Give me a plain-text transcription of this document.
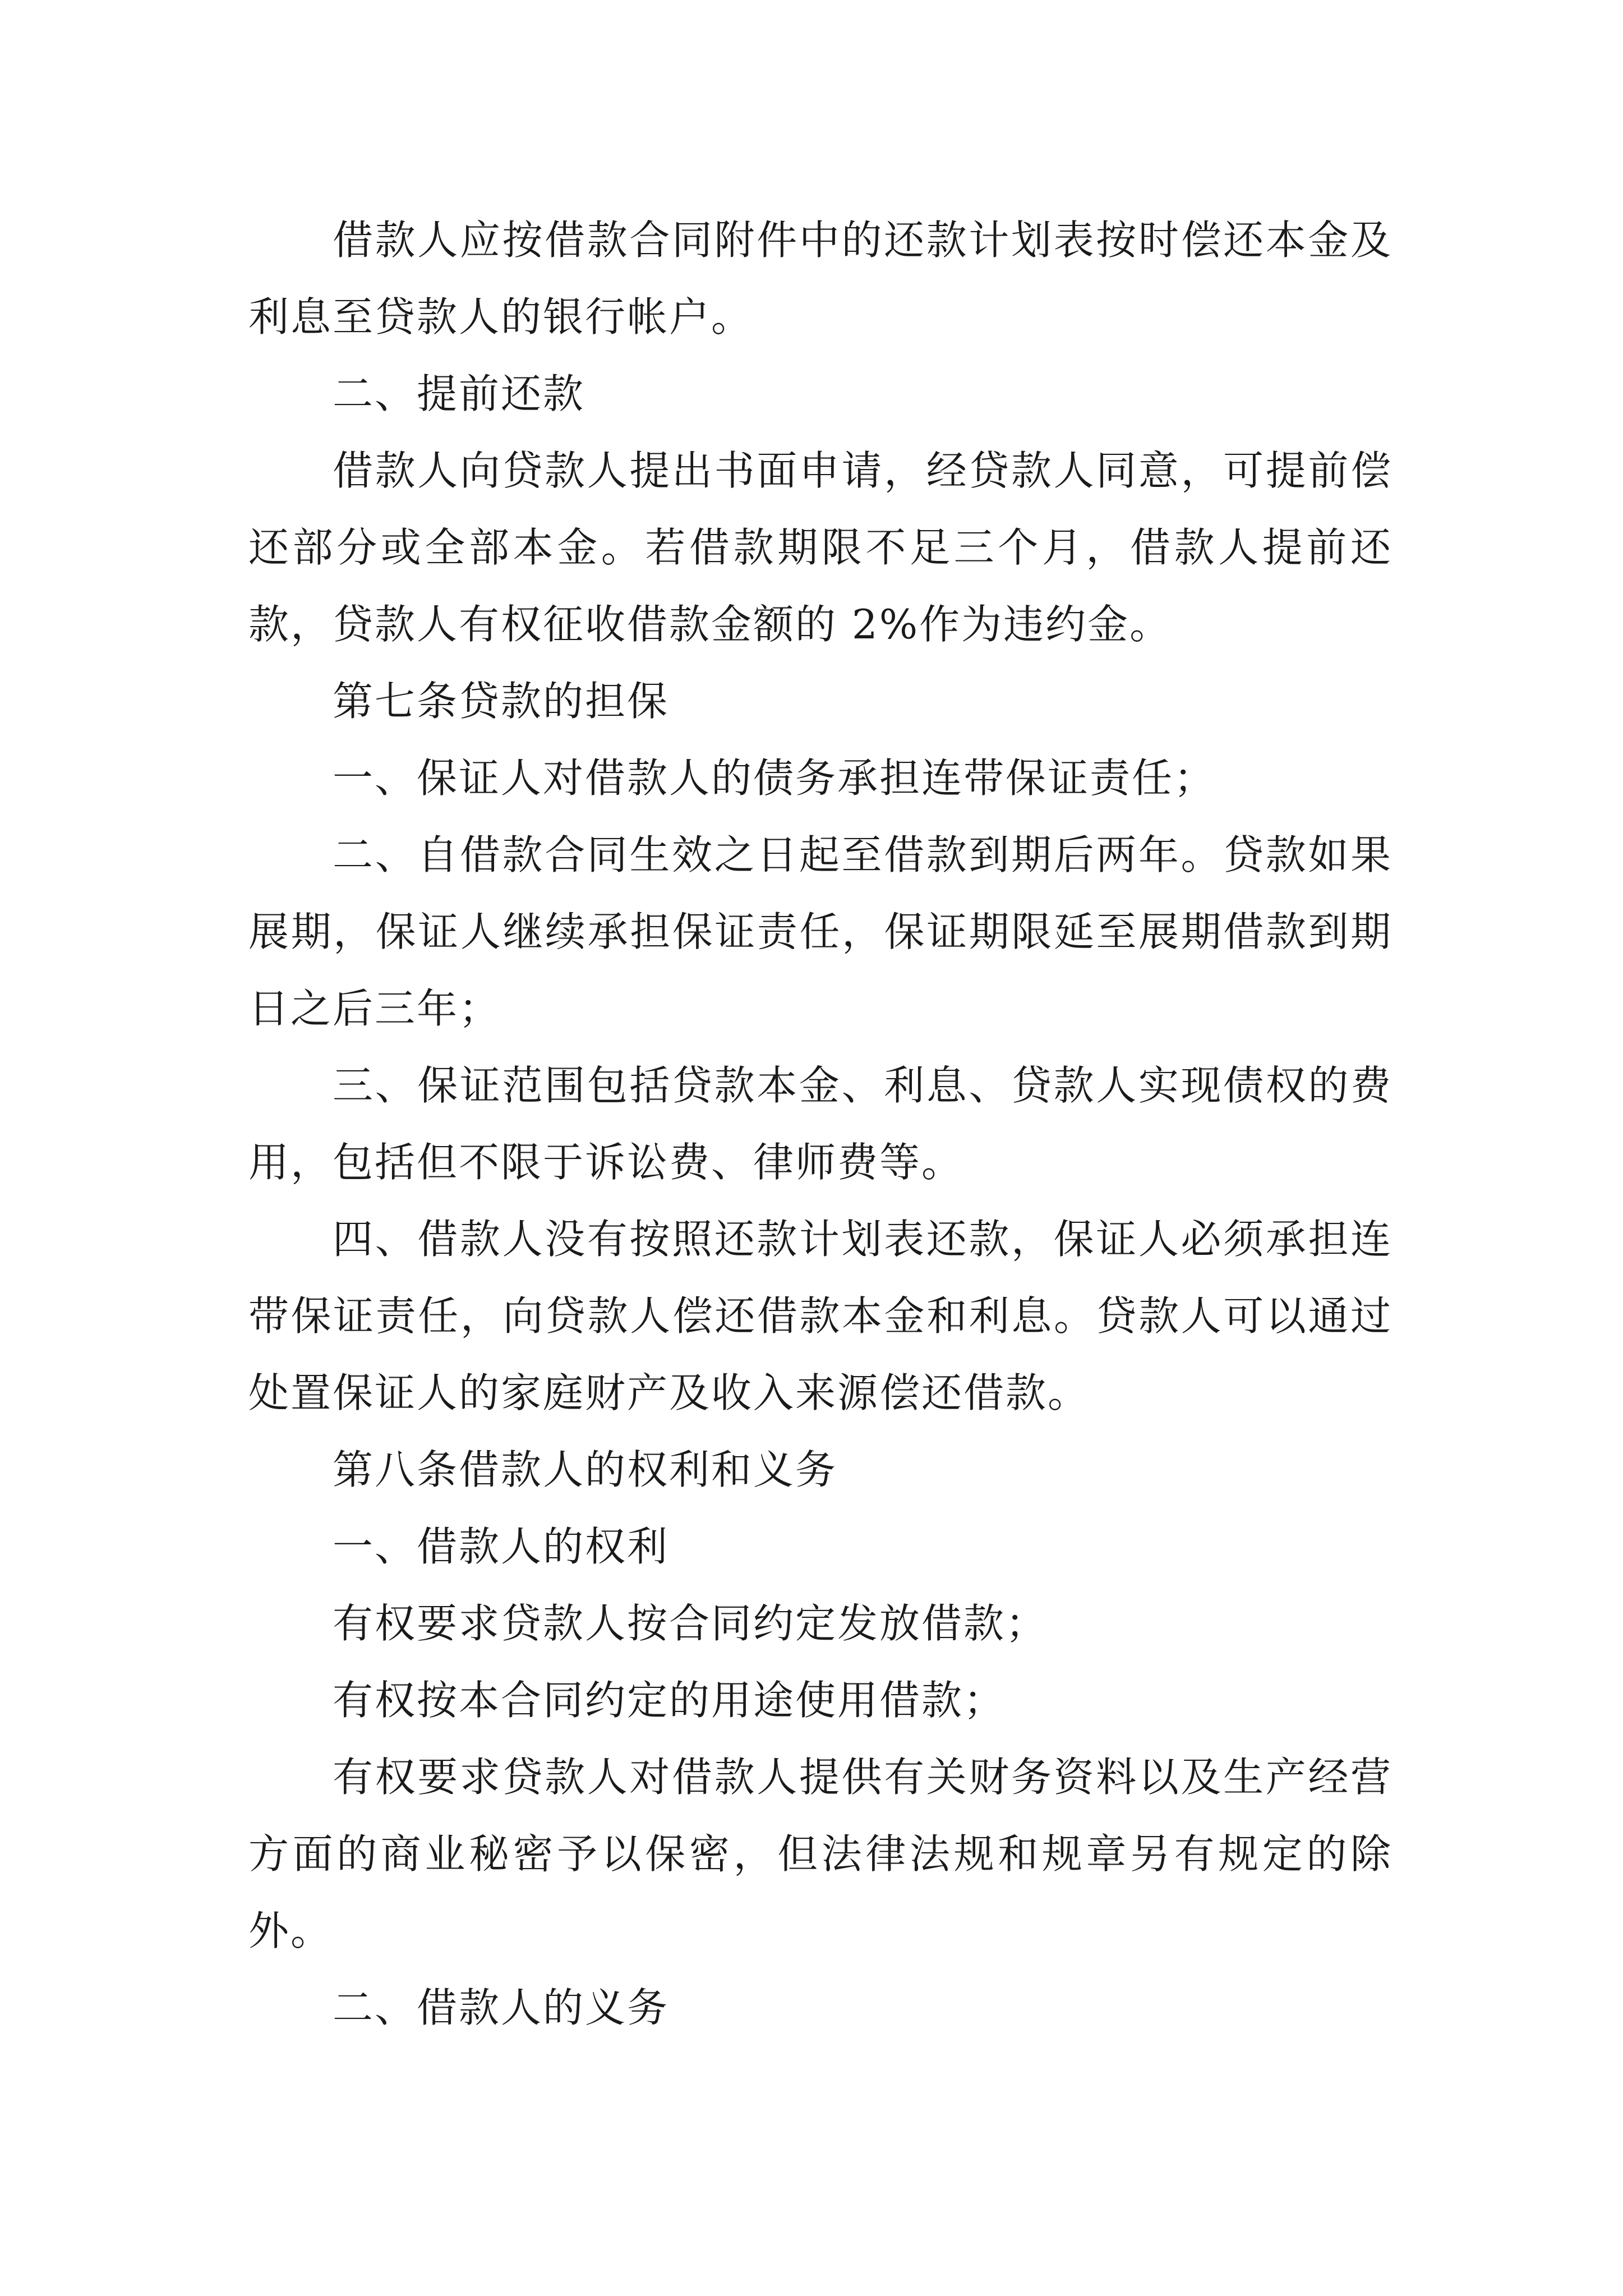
借款人应按借款合同附件中的还款计划表按时偿还本金及利息至贷款人的银行帐户。

二、提前还款

借款人向贷款人提出书面申请，经贷款人同意，可提前偿还部分或全部本金。若借款期限不足三个月，借款人提前还款，贷款人有权征收借款金额的 2%作为违约金。

第七条贷款的担保

一、保证人对借款人的债务承担连带保证责任；

二、自借款合同生效之日起至借款到期后两年。贷款如果展期，保证人继续承担保证责任，保证期限延至展期借款到期日之后三年；

三、保证范围包括贷款本金、利息、贷款人实现债权的费用，包括但不限于诉讼费、律师费等。

四、借款人没有按照还款计划表还款，保证人必须承担连带保证责任，向贷款人偿还借款本金和利息。贷款人可以通过处置保证人的家庭财产及收入来源偿还借款。

第八条借款人的权利和义务

一、借款人的权利

有权要求贷款人按合同约定发放借款；

有权按本合同约定的用途使用借款；

有权要求贷款人对借款人提供有关财务资料以及生产经营方面的商业秘密予以保密，但法律法规和规章另有规定的除外。

二、借款人的义务
